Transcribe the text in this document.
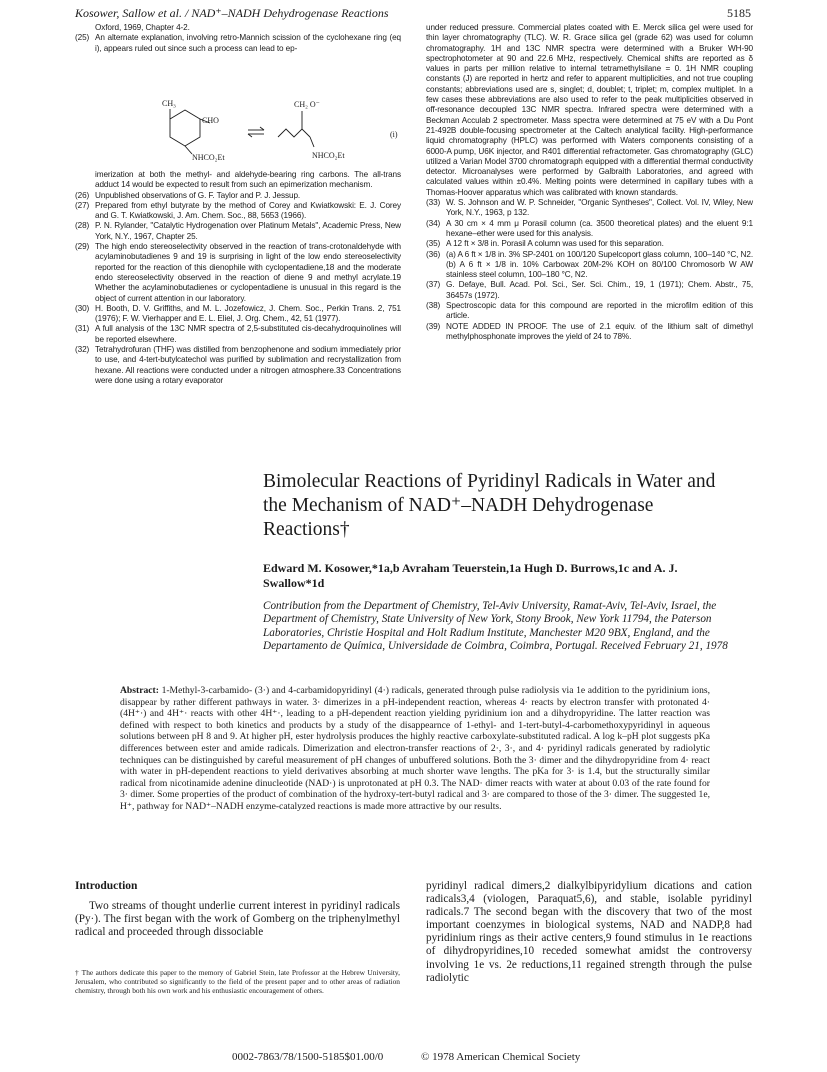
Kosower, Sallow et al. / NAD⁺–NADH Dehydrogenase Reactions	5185
Oxford, 1969, Chapter 4-2.
(25) An alternate explanation, involving retro-Mannich scission of the cyclohexane ring (eq i), appears ruled out since such a process can lead to ep-
CH₃
CHO
NHCO₂Et
CH₂ O⁻
NHCO₂Et
(i)
imerization at both the methyl- and aldehyde-bearing ring carbons. The all-trans adduct 14 would be expected to result from such an epimerization mechanism.
(26) Unpublished observations of G. F. Taylor and P. J. Jessup.
(27) Prepared from ethyl butyrate by the method of Corey and Kwiatkowski: E. J. Corey and G. T. Kwiatkowski, J. Am. Chem. Soc., 88, 5653 (1966).
(28) P. N. Rylander, "Catalytic Hydrogenation over Platinum Metals", Academic Press, New York, N.Y., 1967, Chapter 25.
(29) The high endo stereoselectivity observed in the reaction of trans-crotonaldehyde with acylaminobutadienes 9 and 19 is surprising in light of the low endo stereoselectivity reported for the reaction of this dienophile with cyclopentadiene,18 and the moderate endo stereoselectivity observed in the reaction of diene 9 and methyl acrylate.19 Whether the acylaminobutadienes or cyclopentadiene is unusual in this regard is the object of current attention in our laboratory.
(30) H. Booth, D. V. Griffiths, and M. L. Jozefowicz, J. Chem. Soc., Perkin Trans. 2, 751 (1976); F. W. Vierhapper and E. L. Eliel, J. Org. Chem., 42, 51 (1977).
(31) A full analysis of the 13C NMR spectra of 2,5-substituted cis-decahydroquinolines will be reported elsewhere.
(32) Tetrahydrofuran (THF) was distilled from benzophenone and sodium immediately prior to use, and 4-tert-butylcatechol was purified by sublimation and recrystallization from hexane. All reactions were conducted under a nitrogen atmosphere.33 Concentrations were done using a rotary evaporator
under reduced pressure. Commercial plates coated with E. Merck silica gel were used for thin layer chromatography (TLC). W. R. Grace silica gel (grade 62) was used for column chromatography. 1H and 13C NMR spectra were determined with a Bruker WH-90 spectrophotometer at 90 and 22.6 MHz, respectively. Chemical shifts are reported as δ values in parts per million relative to internal tetramethylsilane = 0. 1H NMR coupling constants (J) are reported in hertz and refer to apparent multiplicities, and not true coupling constants; abbreviations used are s, singlet; d, doublet; t, triplet; m, complex multiplet. In a few cases these abbreviations are also used to refer to the peak multiplicities observed in off-resonance decoupled 13C NMR spectra. Infrared spectra were determined with a Beckman Acculab 2 spectrometer. Mass spectra were determined at 75 eV with a Du Pont 21-492B double-focusing spectrometer at the Caltech analytical facility. High-performance liquid chromatography (HPLC) was performed with Waters components consisting of a 6000-A pump, U6K injector, and R401 differential refractometer. Gas chromatography (GLC) utilized a Varian Model 3700 chromatograph equipped with a differential thermal conductivity detector. Microanalyses were performed by Galbraith Laboratories, and agreed with calculated values within ±0.4%. Melting points were determined in capillary tubes with a Thomas-Hoover apparatus which was calibrated with known standards.
(33) W. S. Johnson and W. P. Schneider, "Organic Syntheses", Collect. Vol. IV, Wiley, New York, N.Y., 1963, p 132.
(34) A 30 cm × 4 mm μ Porasil column (ca. 3500 theoretical plates) and the eluent 9:1 hexane–ether were used for this analysis.
(35) A 12 ft × 3/8 in. Porasil A column was used for this separation.
(36) (a) A 6 ft × 1/8 in. 3% SP-2401 on 100/120 Supelcoport glass column, 100–140 °C, N2. (b) A 6 ft × 1/8 in. 10% Carbowax 20M-2% KOH on 80/100 Chromosorb W AW stainless steel column, 100–180 °C, N2.
(37) G. Defaye, Bull. Acad. Pol. Sci., Ser. Sci. Chim., 19, 1 (1971); Chem. Abstr., 75, 36457s (1972).
(38) Spectroscopic data for this compound are reported in the microfilm edition of this article.
(39) NOTE ADDED IN PROOF. The use of 2.1 equiv. of the lithium salt of dimethyl methylphosphonate improves the yield of 24 to 78%.
Bimolecular Reactions of Pyridinyl Radicals in Water and the Mechanism of NAD⁺–NADH Dehydrogenase Reactions†
Edward M. Kosower,*1a,b Avraham Teuerstein,1a Hugh D. Burrows,1c and A. J. Swallow*1d
Contribution from the Department of Chemistry, Tel-Aviv University, Ramat-Aviv, Tel-Aviv, Israel, the Department of Chemistry, State University of New York, Stony Brook, New York 11794, the Paterson Laboratories, Christie Hospital and Holt Radium Institute, Manchester M20 9BX, England, and the Departamento de Química, Universidade de Coimbra, Coimbra, Portugal. Received February 21, 1978
Abstract: 1-Methyl-3-carbamido- (3·) and 4-carbamidopyridinyl (4·) radicals, generated through pulse radiolysis via 1e addition to the pyridinium ions, disappear by rather different pathways in water. 3· dimerizes in a pH-independent reaction, whereas 4· reacts by electron transfer with protonated 4· (4H⁺·) and 4H⁺· reacts with other 4H⁺·, leading to a pH-dependent reaction yielding pyridinium ion and a dihydropyridine. The latter reaction was defined with respect to both kinetics and products by a study of the disappearnce of 1-ethyl- and 1-tert-butyl-4-carbomethoxypyridinyl in aqueous solutions between pH 8 and 9. At higher pH, ester hydrolysis produces the highly reactive carboxylate-substituted radical. A log k–pH plot suggests pKa differences between ester and amide radicals. Dimerization and electron-transfer reactions of 2·, 3·, and 4· pyridinyl radicals generated by radiolytic techniques can be distinguished by careful measurement of pH changes of unbuffered solutions. Both the 3· dimer and the dihydropyridine from 4· react with water in pH-dependent reactions to yield derivatives absorbing at much shorter wave lengths. The pKa for 3· is 1.4, but the structurally similar radical from nicotinamide adenine dinucleotide (NAD·) is unprotonated at pH 0.3. The NAD· dimer reacts with water at about 0.03 of the rate found for 3· dimer. Some properties of the product of combination of the hydroxy-tert-butyl radical and 3· are compared to those of the 3· dimer. The suggested 1e, H⁺, pathway for NAD⁺–NADH enzyme-catalyzed reactions is made more attractive by our results.
Introduction
Two streams of thought underlie current interest in pyridinyl radicals (Py·). The first began with the work of Gomberg on the triphenylmethyl radical and proceeded through dissociable
† The authors dedicate this paper to the memory of Gabriel Stein, late Professor at the Hebrew University, Jerusalem, who contributed so significantly to the field of the present paper and to other areas of radiation chemistry, through both his own work and his enthusiastic encouragement of others.
pyridinyl radical dimers,2 dialkylbipyridylium dications and cation radicals3,4 (viologen, Paraquat5,6), and stable, isolable pyridinyl radicals.7 The second began with the discovery that two of the most important coenzymes in biological systems, NAD and NADP,8 had pyridinium rings as their active centers,9 found stimulus in 1e reactions of dihydropyridines,10 receded somewhat amidst the controversy involving 1e vs. 2e reductions,11 regained strength through the pulse radiolytic
0002-7863/78/1500-5185$01.00/0	© 1978 American Chemical Society
